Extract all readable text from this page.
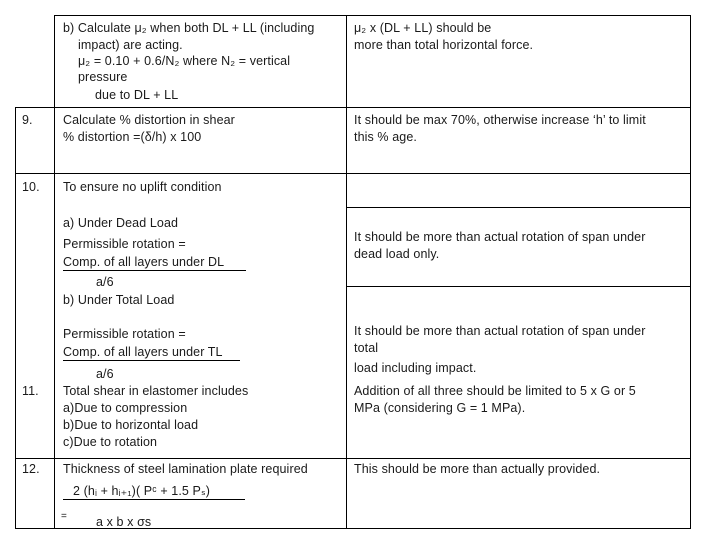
b) Calculate μ₂ when both DL + LL (including
impact) are acting.
μ₂ = 0.10 + 0.6/N₂ where N₂ = vertical
pressure
due to DL + LL
μ₂ x (DL + LL) should be
more than total horizontal force.
9. Calculate % distortion in shear
% distortion =(δ/h) x 100
It should be max 70%, otherwise increase ‘h’ to limit
this % age.
10. To ensure no uplift condition
a) Under Dead Load
Permissible rotation =
Comp. of all layers under DL
a/6
b) Under Total Load
It should be more than actual rotation of span under
dead load only.
Permissible rotation =
Comp. of all layers under TL
a/6
It should be more than actual rotation of span under
total
load including impact.
11. Total shear in elastomer includes
a)Due to compression
b)Due to horizontal load
c)Due to rotation
Addition of all three should be limited to 5 x G or 5
MPa (considering G = 1 MPa).
12. Thickness of steel lamination plate required
2 (hᵢ + hᵢ₊₁)( Pᶜ + 1.5 Pₛ)
= a x b x σs
This should be more than actually provided.
